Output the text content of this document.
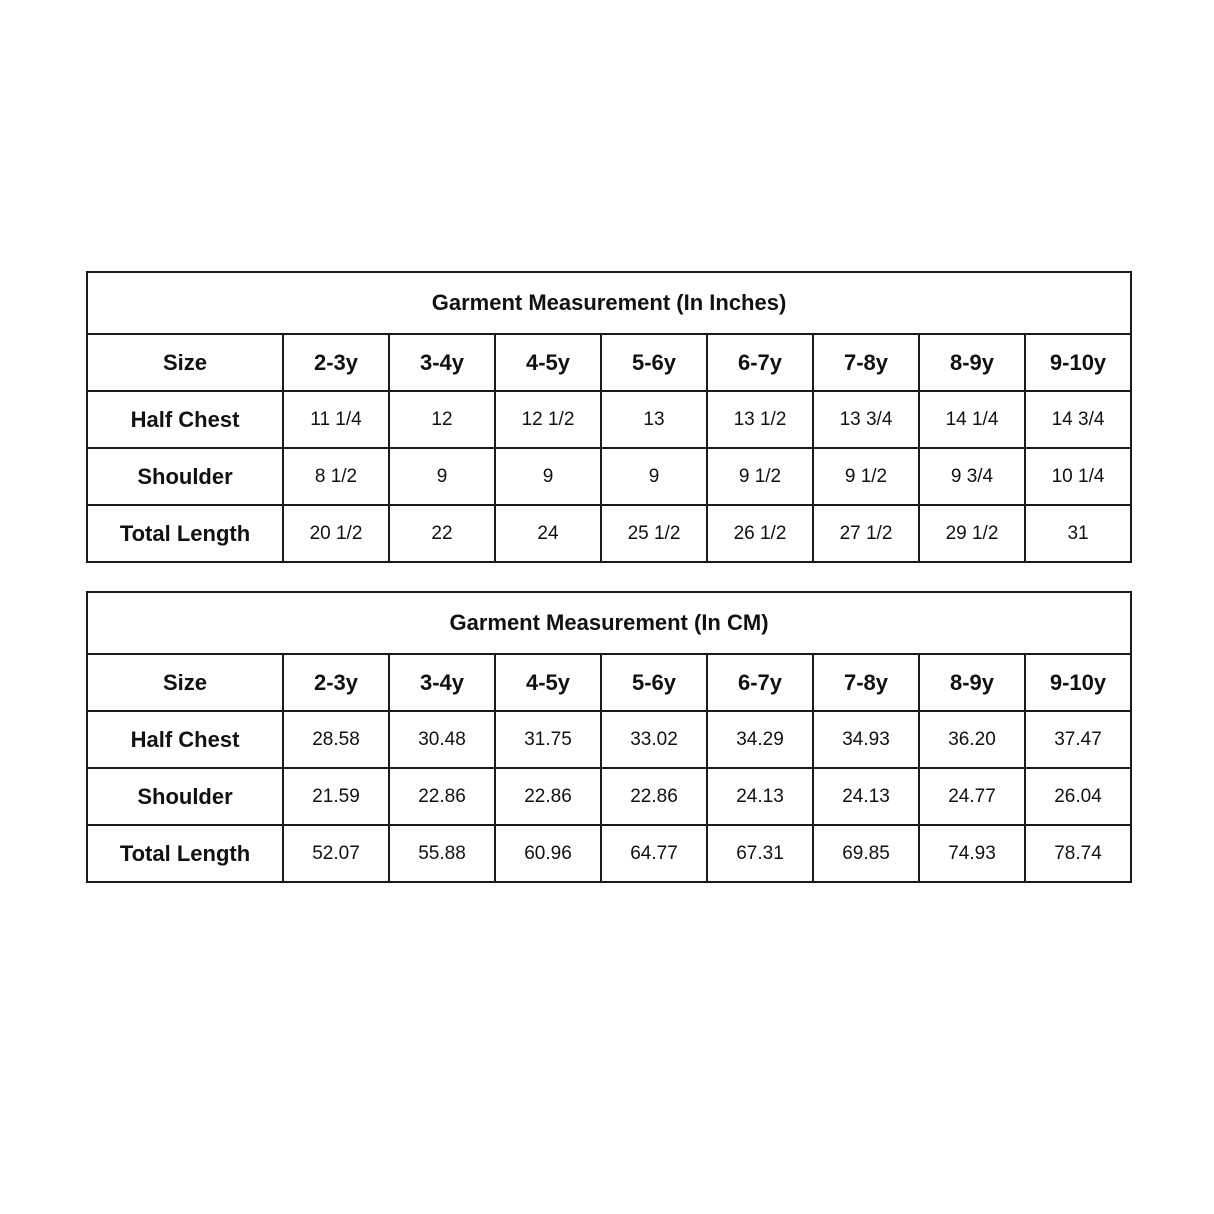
Garment Measurement (In Inches)								
Size	2-3y	3-4y	4-5y	5-6y	6-7y	7-8y	8-9y	9-10y
Half Chest	11 1/4	12	12 1/2	13	13 1/2	13 3/4	14 1/4	14 3/4
Shoulder	8 1/2	9	9	9	9 1/2	9 1/2	9 3/4	10 1/4
Total Length	20 1/2	22	24	25 1/2	26 1/2	27 1/2	29 1/2	31
Garment Measurement (In CM)								
Size	2-3y	3-4y	4-5y	5-6y	6-7y	7-8y	8-9y	9-10y
Half Chest	28.58	30.48	31.75	33.02	34.29	34.93	36.20	37.47
Shoulder	21.59	22.86	22.86	22.86	24.13	24.13	24.77	26.04
Total Length	52.07	55.88	60.96	64.77	67.31	69.85	74.93	78.74
